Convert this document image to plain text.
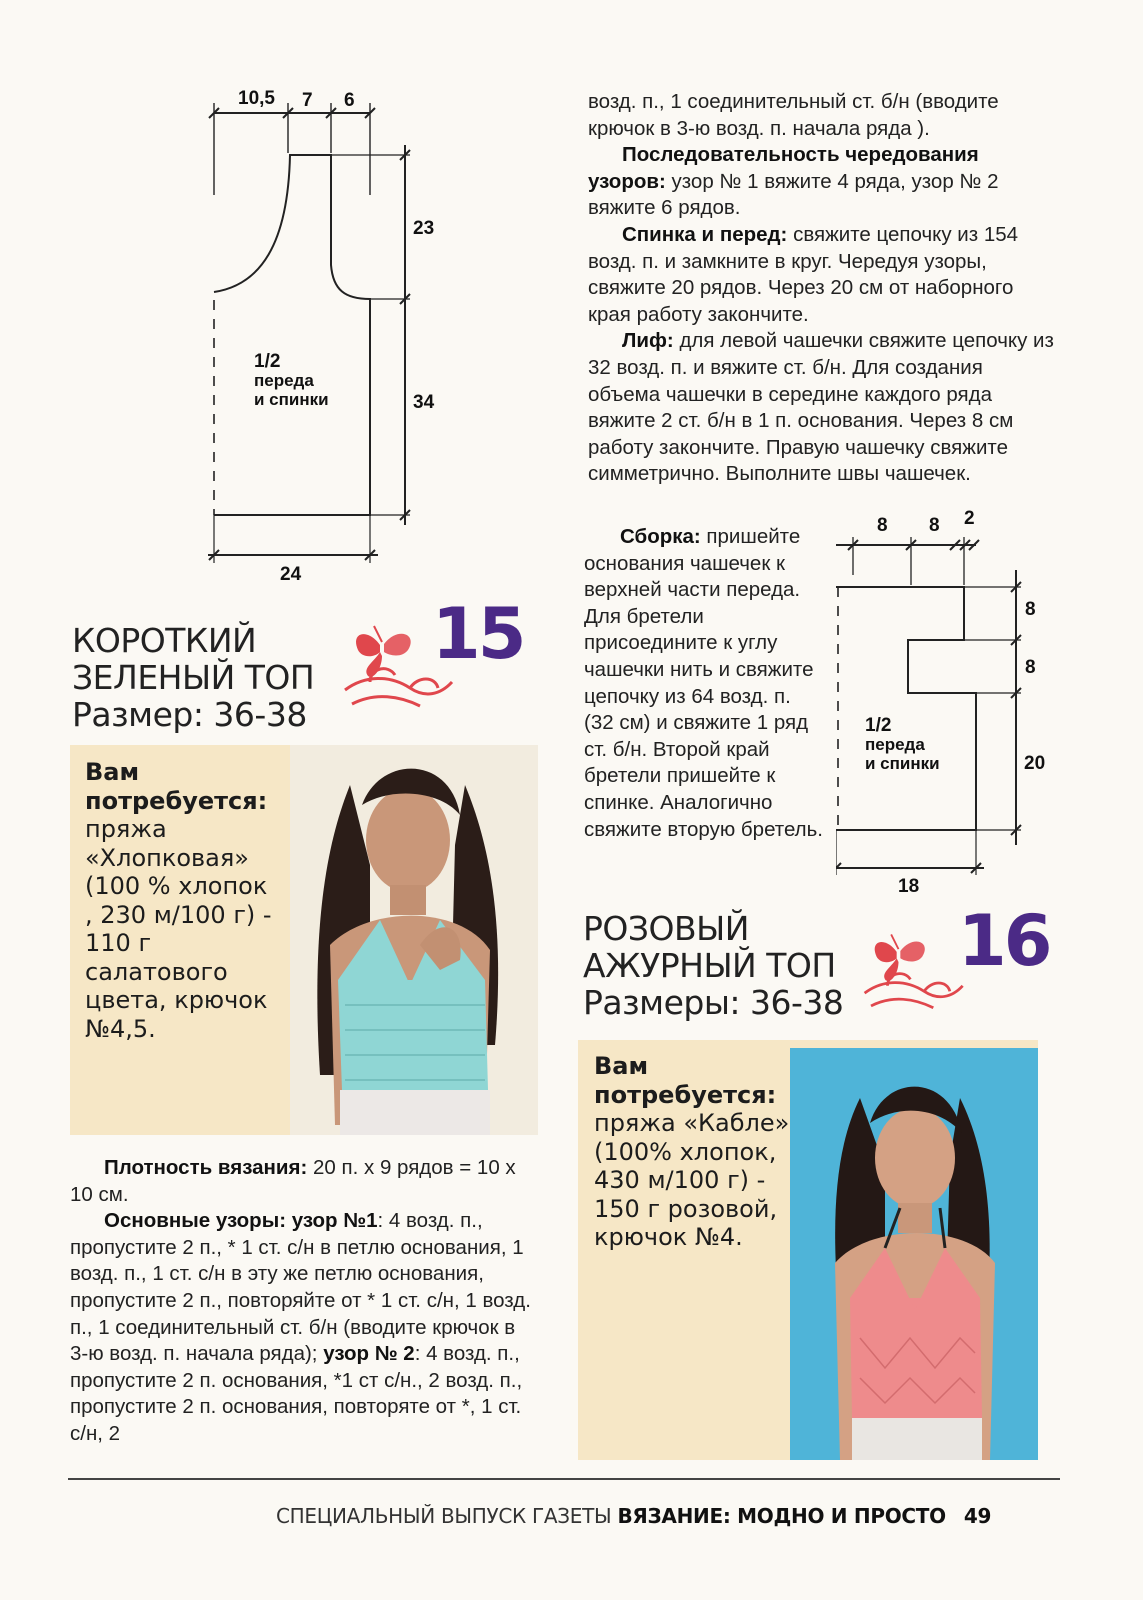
10,5 7 6
23
34
24
1/2
переда
и спинки

возд. п., 1 соединительный ст. б/н (вводите крючок в 3-ю возд. п. начала ряда ).

Последовательность чередования узоров: узор № 1 вяжите 4 ряда, узор № 2 вяжите 6 рядов.

Спинка и перед: свяжите цепочку из 154 возд. п. и замкните в круг. Чередуя узоры, свяжите 20 рядов. Через 20 см от наборного края работу закончите.

Лиф: для левой чашечки свяжите цепочку из 32 возд. п. и вяжите ст. б/н. Для создания объема чашечки в середине каждого ряда вяжите 2 ст. б/н в 1 п. основания. Через 8 см работу закончите. Правую чашечку свяжите симметрично. Выполните швы чашечек.

Сборка: пришейте основания чашечек к верхней части переда. Для бретели присоедините к углу чашечки нить и свяжите цепочку из 64 возд. п. (32 см) и свяжите 1 ряд ст. б/н. Второй край бретели пришейте к спинке. Аналогично свяжите вторую бретель.

8 8 2
8
8
20
18
1/2
переда
и спинки
КОРОТКИЙ
ЗЕЛЕНЫЙ ТОП
Размер: 36-38
15
Вам потребуется: пряжа «Хлопковая» (100 % хлопок , 230 м/100 г) - 110 г салатового цвета, крючок №4,5.

Плотность вязания: 20 п. х 9 рядов = 10 х 10 см.

Основные узоры: узор №1: 4 возд. п., пропустите 2 п., * 1 ст. с/н в петлю основания, 1 возд. п., 1 ст. с/н в эту же петлю основания, пропустите 2 п., повторяйте от * 1 ст. с/н, 1 возд. п., 1 соединительный ст. б/н (вводите крючок в 3-ю возд. п. начала ряда); узор № 2: 4 возд. п., пропустите 2 п. основания, *1 ст с/н., 2 возд. п., пропустите 2 п. основания, повторяте от *, 1 ст. с/н, 2

РОЗОВЫЙ
АЖУРНЫЙ ТОП
Размеры: 36-38
16
Вам потребуется: пряжа «Кабле» (100% хлопок, 430 м/100 г) - 150 г розовой, крючок №4.
СПЕЦИАЛЬНЫЙ ВЫПУСК ГАЗЕТЫ ВЯЗАНИЕ: МОДНО И ПРОСТО 49
